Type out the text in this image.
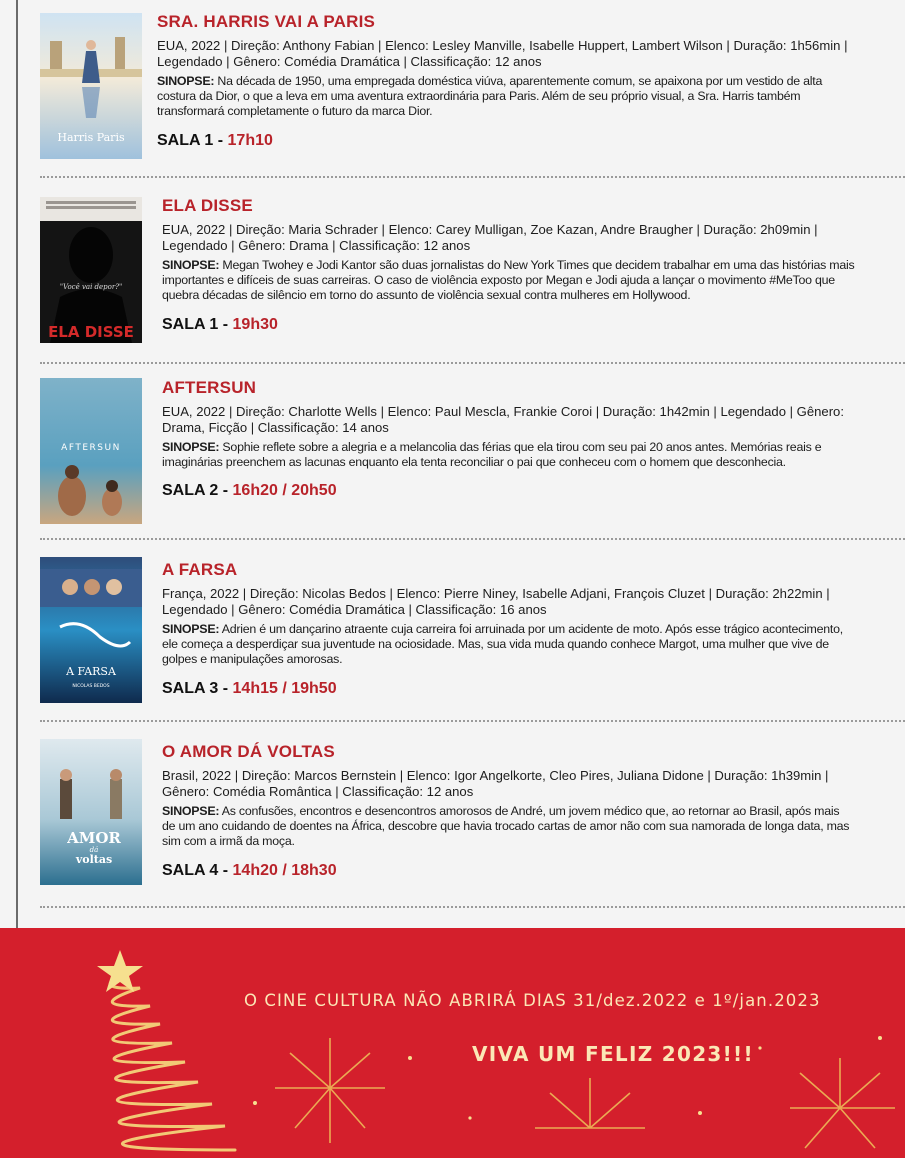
Harris Paris
SRA. HARRIS VAI A PARIS

EUA, 2022 | Direção: Anthony Fabian | Elenco: Lesley Manville, Isabelle Huppert, Lambert Wilson | Duração: 1h56min | Legendado | Gênero: Comédia Dramática | Classificação: 12 anos

SINOPSE: Na década de 1950, uma empregada doméstica viúva, aparentemente comum, se apaixona por um vestido de alta costura da Dior, o que a leva em uma aventura extraordinária para Paris. Além de seu próprio visual, a Sra. Harris também transformará completamente o futuro da marca Dior.

SALA 1 - 17h10
"Você vai depor?"
ELA DISSE
ELA DISSE

EUA, 2022 | Direção: Maria Schrader | Elenco: Carey Mulligan, Zoe Kazan, Andre Braugher | Duração: 2h09min | Legendado | Gênero: Drama | Classificação: 12 anos

SINOPSE: Megan Twohey e Jodi Kantor são duas jornalistas do New York Times que decidem trabalhar em uma das histórias mais importantes e difíceis de suas carreiras. O caso de violência exposto por Megan e Jodi ajuda a lançar o movimento #MeToo que quebra décadas de silêncio em torno do assunto de violência sexual contra mulheres em Hollywood.

SALA 1 - 19h30
AFTERSUN
AFTERSUN

EUA, 2022 | Direção: Charlotte Wells | Elenco: Paul Mescla, Frankie Coroi | Duração: 1h42min | Legendado | Gênero: Drama, Ficção | Classificação: 14 anos

SINOPSE: Sophie reflete sobre a alegria e a melancolia das férias que ela tirou com seu pai 20 anos antes. Memórias reais e imaginárias preenchem as lacunas enquanto ela tenta reconciliar o pai que conheceu com o homem que desconhecia.

SALA 2 - 16h20 / 20h50
A FARSA
NICOLAS BEDOS
A FARSA

França, 2022 | Direção: Nicolas Bedos | Elenco: Pierre Niney, Isabelle Adjani, François Cluzet | Duração: 2h22min | Legendado | Gênero: Comédia Dramática | Classificação: 16 anos

SINOPSE: Adrien é um dançarino atraente cuja carreira foi arruinada por um acidente de moto. Após esse trágico acontecimento, ele começa a desperdiçar sua juventude na ociosidade. Mas, sua vida muda quando conhece Margot, uma mulher que vive de golpes e manipulações amorosas.

SALA 3 - 14h15 / 19h50
AMOR
dá
voltas
O AMOR DÁ VOLTAS

Brasil, 2022 | Direção: Marcos Bernstein | Elenco: Igor Angelkorte, Cleo Pires, Juliana Didone | Duração: 1h39min | Gênero: Comédia Romântica | Classificação: 12 anos

SINOPSE: As confusões, encontros e desencontros amorosos de André, um jovem médico que, ao retornar ao Brasil, após mais de um ano cuidando de doentes na África, descobre que havia trocado cartas de amor não com sua namorada de longa data, mas sim com a irmã da moça.

SALA 4 - 14h20 / 18h30
O CINE CULTURA NÃO ABRIRÁ DIAS 31/dez.2022 e 1º/jan.2023
VIVA UM FELIZ 2023!!!
